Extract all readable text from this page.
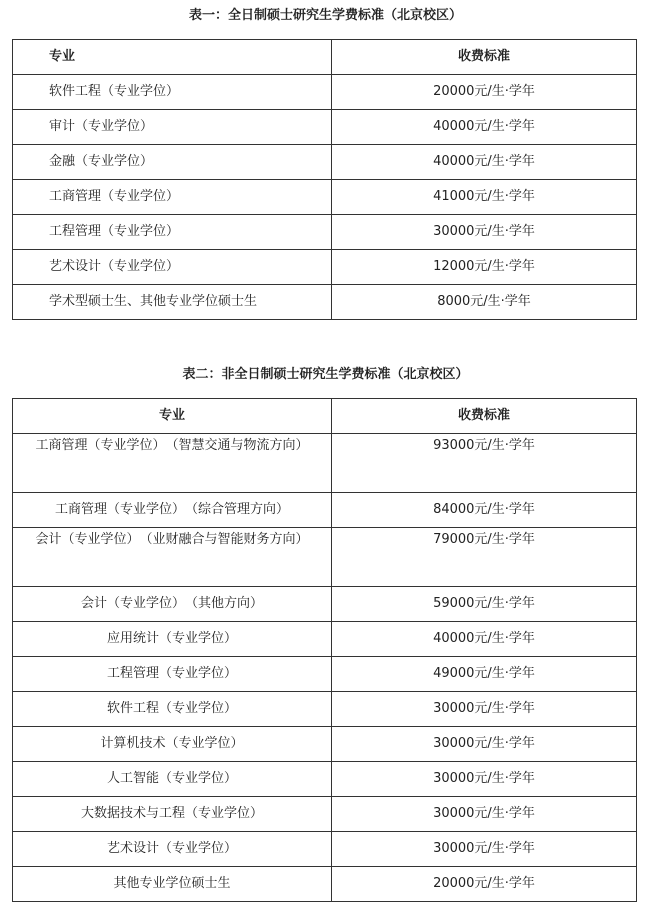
表一：全日制硕士研究生学费标准（北京校区）
专业	收费标准
软件工程（专业学位）	20000元/生·学年
审计（专业学位）	40000元/生·学年
金融（专业学位）	40000元/生·学年
工商管理（专业学位）	41000元/生·学年
工程管理（专业学位）	30000元/生·学年
艺术设计（专业学位）	12000元/生·学年
学术型硕士生、其他专业学位硕士生	8000元/生·学年
表二：非全日制硕士研究生学费标准（北京校区）
专业	收费标准
工商管理（专业学位）　（智慧交通与物流方向）	93000元/生·学年
工商管理（专业学位）　（综合管理方向）	84000元/生·学年
会计（专业学位）　（业财融合与智能财务方向）	79000元/生·学年
会计（专业学位）　（其他方向）	59000元/生·学年
应用统计（专业学位）	40000元/生·学年
工程管理（专业学位）	49000元/生·学年
软件工程（专业学位）	30000元/生·学年
计算机技术（专业学位）	30000元/生·学年
人工智能（专业学位）	30000元/生·学年
大数据技术与工程（专业学位）	30000元/生·学年
艺术设计（专业学位）	30000元/生·学年
其他专业学位硕士生	20000元/生·学年
